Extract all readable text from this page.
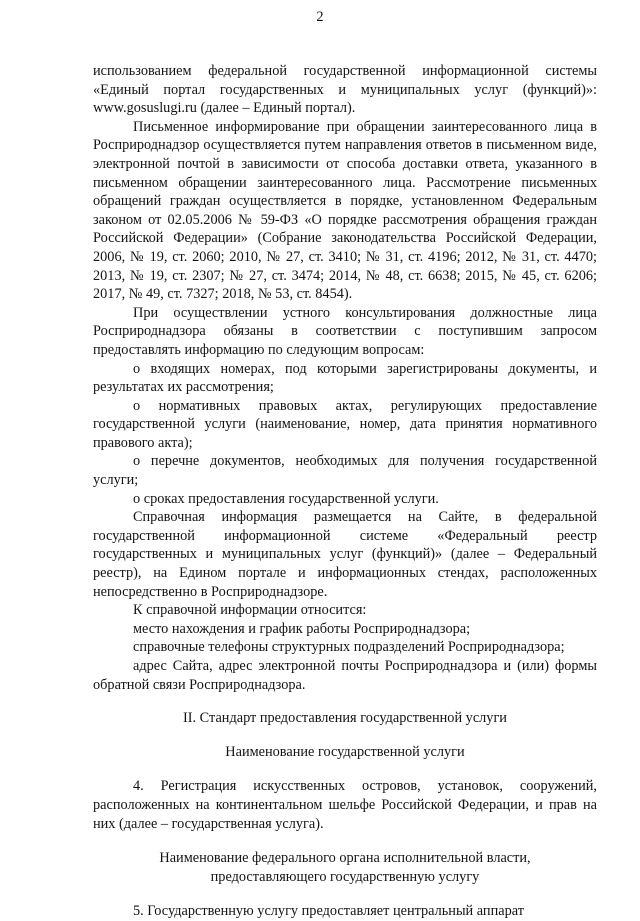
2

использованием федеральной государственной информационной системы «Единый портал государственных и муниципальных услуг (функций)»: www.gosuslugi.ru (далее – Единый портал).

Письменное информирование при обращении заинтересованного лица в Росприроднадзор осуществляется путем направления ответов в письменном виде, электронной почтой в зависимости от способа доставки ответа, указанного в письменном обращении заинтересованного лица. Рассмотрение письменных обращений граждан осуществляется в порядке, установленном Федеральным законом от 02.05.2006 № 59-ФЗ «О порядке рассмотрения обращения граждан Российской Федерации» (Собрание законодательства Российской Федерации, 2006, № 19, ст. 2060; 2010, № 27, ст. 3410; № 31, ст. 4196; 2012, № 31, ст. 4470; 2013, № 19, ст. 2307; № 27, ст. 3474; 2014, № 48, ст. 6638; 2015, № 45, ст. 6206; 2017, № 49, ст. 7327; 2018, № 53, ст. 8454).

При осуществлении устного консультирования должностные лица Росприроднадзора обязаны в соответствии с поступившим запросом предоставлять информацию по следующим вопросам:

о входящих номерах, под которыми зарегистрированы документы, и результатах их рассмотрения;

о нормативных правовых актах, регулирующих предоставление государственной услуги (наименование, номер, дата принятия нормативного правового акта);

о перечне документов, необходимых для получения государственной услуги;

о сроках предоставления государственной услуги.

Справочная информация размещается на Сайте, в федеральной государственной информационной системе «Федеральный реестр государственных и муниципальных услуг (функций)» (далее – Федеральный реестр), на Едином портале и информационных стендах, расположенных непосредственно в Росприроднадзоре.

К справочной информации относится:

место нахождения и график работы Росприроднадзора;

справочные телефоны структурных подразделений Росприроднадзора;

адрес Сайта, адрес электронной почты Росприроднадзора и (или) формы обратной связи Росприроднадзора.

II. Стандарт предоставления государственной услуги

Наименование государственной услуги

4. Регистрация искусственных островов, установок, сооружений, расположенных на континентальном шельфе Российской Федерации, и прав на них (далее – государственная услуга).

Наименование федерального органа исполнительной власти,

предоставляющего государственную услугу

5. Государственную услугу предоставляет центральный аппарат
